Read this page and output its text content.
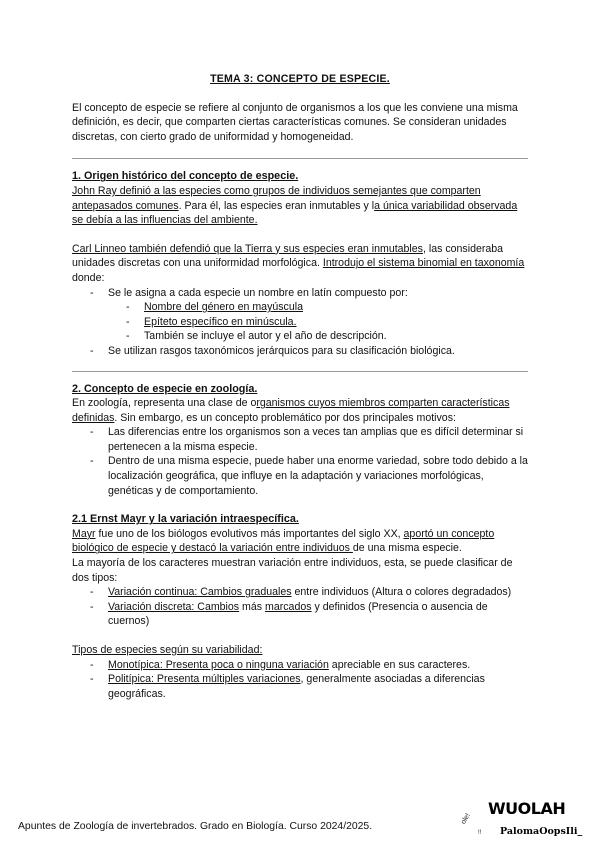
TEMA 3: CONCEPTO DE ESPECIE.

El concepto de especie se refiere al conjunto de organismos a los que les conviene una misma definición, es decir, que comparten ciertas características comunes. Se consideran unidades discretas, con cierto grado de uniformidad y homogeneidad.

1. Origen histórico del concepto de especie.

John Ray definió a las especies como grupos de individuos semejantes que comparten antepasados comunes. Para él, las especies eran inmutables y la única variabilidad observada se debía a las influencias del ambiente.

Carl Linneo también defendió que la Tierra y sus especies eran inmutables, las consideraba unidades discretas con una uniformidad morfológica. Introdujo el sistema binomial en taxonomía donde:

- Se le asigna a cada especie un nombre en latín compuesto por:
- Nombre del género en mayúscula
- Epíteto específico en minúscula.
- También se incluye el autor y el año de descripción.
- Se utilizan rasgos taxonómicos jerárquicos para su clasificación biológica.
2. Concepto de especie en zoología.

En zoología, representa una clase de organismos cuyos miembros comparten características definidas. Sin embargo, es un concepto problemático por dos principales motivos:

- Las diferencias entre los organismos son a veces tan amplias que es difícil determinar si pertenecen a la misma especie.
- Dentro de una misma especie, puede haber una enorme variedad, sobre todo debido a la localización geográfica, que influye en la adaptación y variaciones morfológicas, genéticas y de comportamiento.
2.1 Ernst Mayr y la variación intraespecífica.

Mayr fue uno de los biólogos evolutivos más importantes del siglo XX, aportó un concepto biológico de especie y destacó la variación entre individuos de una misma especie.

La mayoría de los caracteres muestran variación entre individuos, esta, se puede clasificar de dos tipos:

- Variación continua: Cambios graduales entre individuos (Altura o colores degradados)
- Variación discreta: Cambios más marcados y definidos (Presencia o ausencia de cuernos)

Tipos de especies según su variabilidad:

- Monotípica: Presenta poca o ninguna variación apreciable en sus caracteres.
- Politípica: Presenta múltiples variaciones, generalmente asociadas a diferencias geográficas.
Apuntes de Zoología de invertebrados. Grado en Biología. Curso 2024/2025.
ole!
!!
WUOLAH
PalomaOopsIli_
